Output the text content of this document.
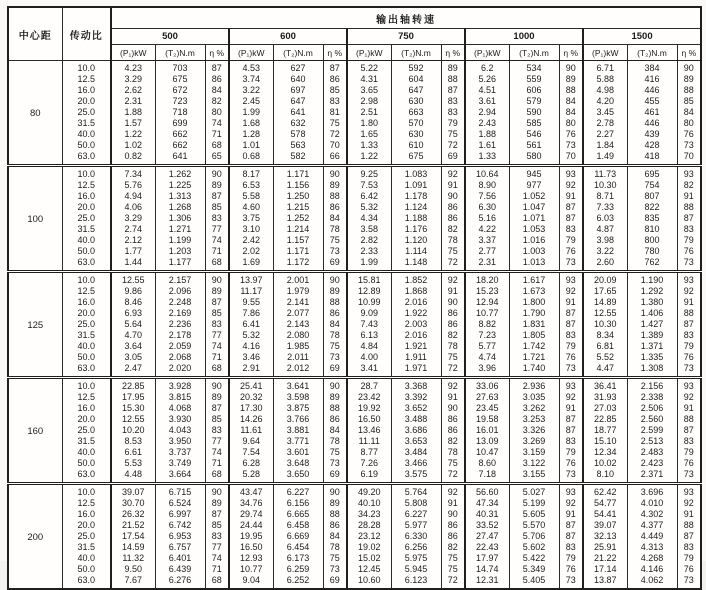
中心距	传动比	输出轴转速														
		500			600			750			1000			1500		
		(P₁)kW	(T₂)N.m	η %	(P₁)kW	(T₂)N.m	η %	(P₁)kW	(T₂)N.m	η %	(P₁)kW	(T₂)N.m	η %	(P₁)kW	(T₂)N.m	η %
80	10.0	4.23	703	87	4.53	627	87	5.22	592	89	6.2	534	90	6.71	384	90
	12.5	3.29	675	86	3.74	640	86	4.31	604	88	5.26	559	89	5.88	416	89
	16.0	2.62	672	84	3.22	697	85	3.65	647	87	4.51	606	88	4.98	446	88
	20.0	2.31	723	82	2.45	647	83	2.98	630	83	3.61	579	84	4.20	455	85
	25.0	1.88	718	80	1.99	641	81	2.51	663	83	2.94	590	84	3.45	461	84
	31.5	1.57	699	74	1.68	632	75	1.80	570	79	2.43	585	80	2.78	446	80
	40.0	1.22	662	71	1.28	578	72	1.65	630	75	1.88	546	76	2.27	439	76
	50.0	1.02	662	68	1.01	563	70	1.33	610	72	1.61	561	73	1.84	428	73
	63.0	0.82	641	65	0.68	582	66	1.22	675	69	1.33	580	70	1.49	418	70
100	10.0	7.34	1.262	90	8.17	1.171	90	9.25	1.083	92	10.64	945	93	11.73	695	93
	12.5	5.76	1.225	89	6.53	1.156	89	7.53	1.091	91	8.90	977	92	10.30	754	82
	16.0	4.94	1.313	87	5.58	1.250	88	6.42	1.178	90	7.56	1.052	91	8.71	807	91
	20.0	4.06	1.268	85	4.60	1.215	86	5.32	1.124	86	6.30	1.047	87	7.33	822	88
	25.0	3.29	1.306	83	3.75	1.252	84	4.34	1.188	86	5.16	1.071	87	6.03	835	87
	31.5	2.74	1.271	77	3.10	1.214	78	3.58	1.176	82	4.22	1.053	83	4.87	810	83
	40.0	2.12	1.199	74	2.42	1.157	75	2.82	1.120	78	3.37	1.016	79	3.98	800	79
	50.0	1.77	1.203	71	2.02	1.171	73	2.33	1.114	75	2.77	1.003	76	3.22	780	76
	63.0	1.44	1.177	68	1.69	1.172	69	1.99	1.148	72	2.31	1.013	73	2.60	762	73
125	10.0	12.55	2.157	90	13.97	2.001	90	15.81	1.852	92	18.20	1.617	93	20.09	1.190	93
	12.5	9.86	2.096	89	11.17	1.979	89	12.89	1.868	91	15.23	1.673	92	17.65	1.292	92
	16.0	8.46	2.248	87	9.55	2.141	88	10.99	2.016	90	12.94	1.800	91	14.89	1.380	91
	20.0	6.93	2.169	85	7.86	2.077	86	9.09	1.922	86	10.77	1.790	87	12.55	1.406	88
	25.0	5.64	2.236	83	6.41	2.143	84	7.43	2.003	86	8.82	1.831	87	10.30	1.427	87
	31.5	4.70	2.178	77	5.32	2.080	78	6.13	2.016	82	7.23	1.805	83	8.34	1.389	83
	40.0	3.64	2.059	74	4.16	1.985	75	4.84	1.921	78	5.77	1.742	79	6.81	1.371	79
	50.0	3.05	2.068	71	3.46	2.011	73	4.00	1.911	75	4.74	1.721	76	5.52	1.335	76
	63.0	2.47	2.020	68	2.91	2.012	69	3.41	1.971	72	3.96	1.740	73	4.47	1.308	73
160	10.0	22.85	3.928	90	25.41	3.641	90	28.7	3.368	92	33.06	2.936	93	36.41	2.156	93
	12.5	17.95	3.815	89	20.32	3.598	89	23.42	3.392	91	27.63	3.035	92	31.93	2.338	92
	16.0	15.30	4.068	87	17.30	3.875	88	19.92	3.652	90	23.45	3.262	91	27.03	2.506	91
	20.0	12.55	3.930	85	14.26	3.766	86	16.50	3.488	86	19.58	3.253	87	22.85	2.560	88
	25.0	10.20	4.043	83	11.61	3.881	84	13.46	3.686	86	16.01	3.326	87	18.77	2.599	87
	31.5	8.53	3.950	77	9.64	3.771	78	11.11	3.653	82	13.09	3.269	83	15.10	2.513	83
	40.0	6.61	3.737	74	7.54	3.601	75	8.77	3.484	78	10.47	3.159	79	12.34	2.483	79
	50.0	5.53	3.749	71	6.28	3.648	73	7.26	3.466	75	8.60	3.122	76	10.02	2.423	76
	63.0	4.48	3.664	68	5.28	3.650	69	6.19	3.575	72	7.18	3.155	73	8.10	2.371	73
200	10.0	39.07	6.715	90	43.47	6.227	90	49.20	5.764	92	56.60	5.027	93	62.42	3.696	93
	12.5	30.70	6.524	89	34.76	6.156	89	40.10	5.808	91	47.34	5.199	92	54.77	4.010	92
	16.0	26.32	6.997	87	29.74	6.665	88	34.23	6.227	90	40.31	5.605	91	54.41	4.302	91
	20.0	21.52	6.742	85	24.44	6.458	86	28.28	5.977	86	33.52	5.570	87	39.07	4.377	88
	25.0	17.54	6.953	83	19.95	6.669	84	23.12	6.330	86	27.47	5.706	87	32.13	4.449	87
	31.5	14.59	6.757	77	16.50	6.454	78	19.02	6.256	82	22.43	5.602	83	25.91	4.313	83
	40.0	11.32	6.401	74	12.93	6.173	75	15.02	5.975	75	17.97	5.422	79	21.22	4.268	79
	50.0	9.50	6.439	71	10.77	6.259	73	12.45	5.945	75	14.74	5.349	76	17.14	4.146	76
	63.0	7.67	6.276	68	9.04	6.252	69	10.60	6.123	72	12.31	5.405	73	13.87	4.062	73
